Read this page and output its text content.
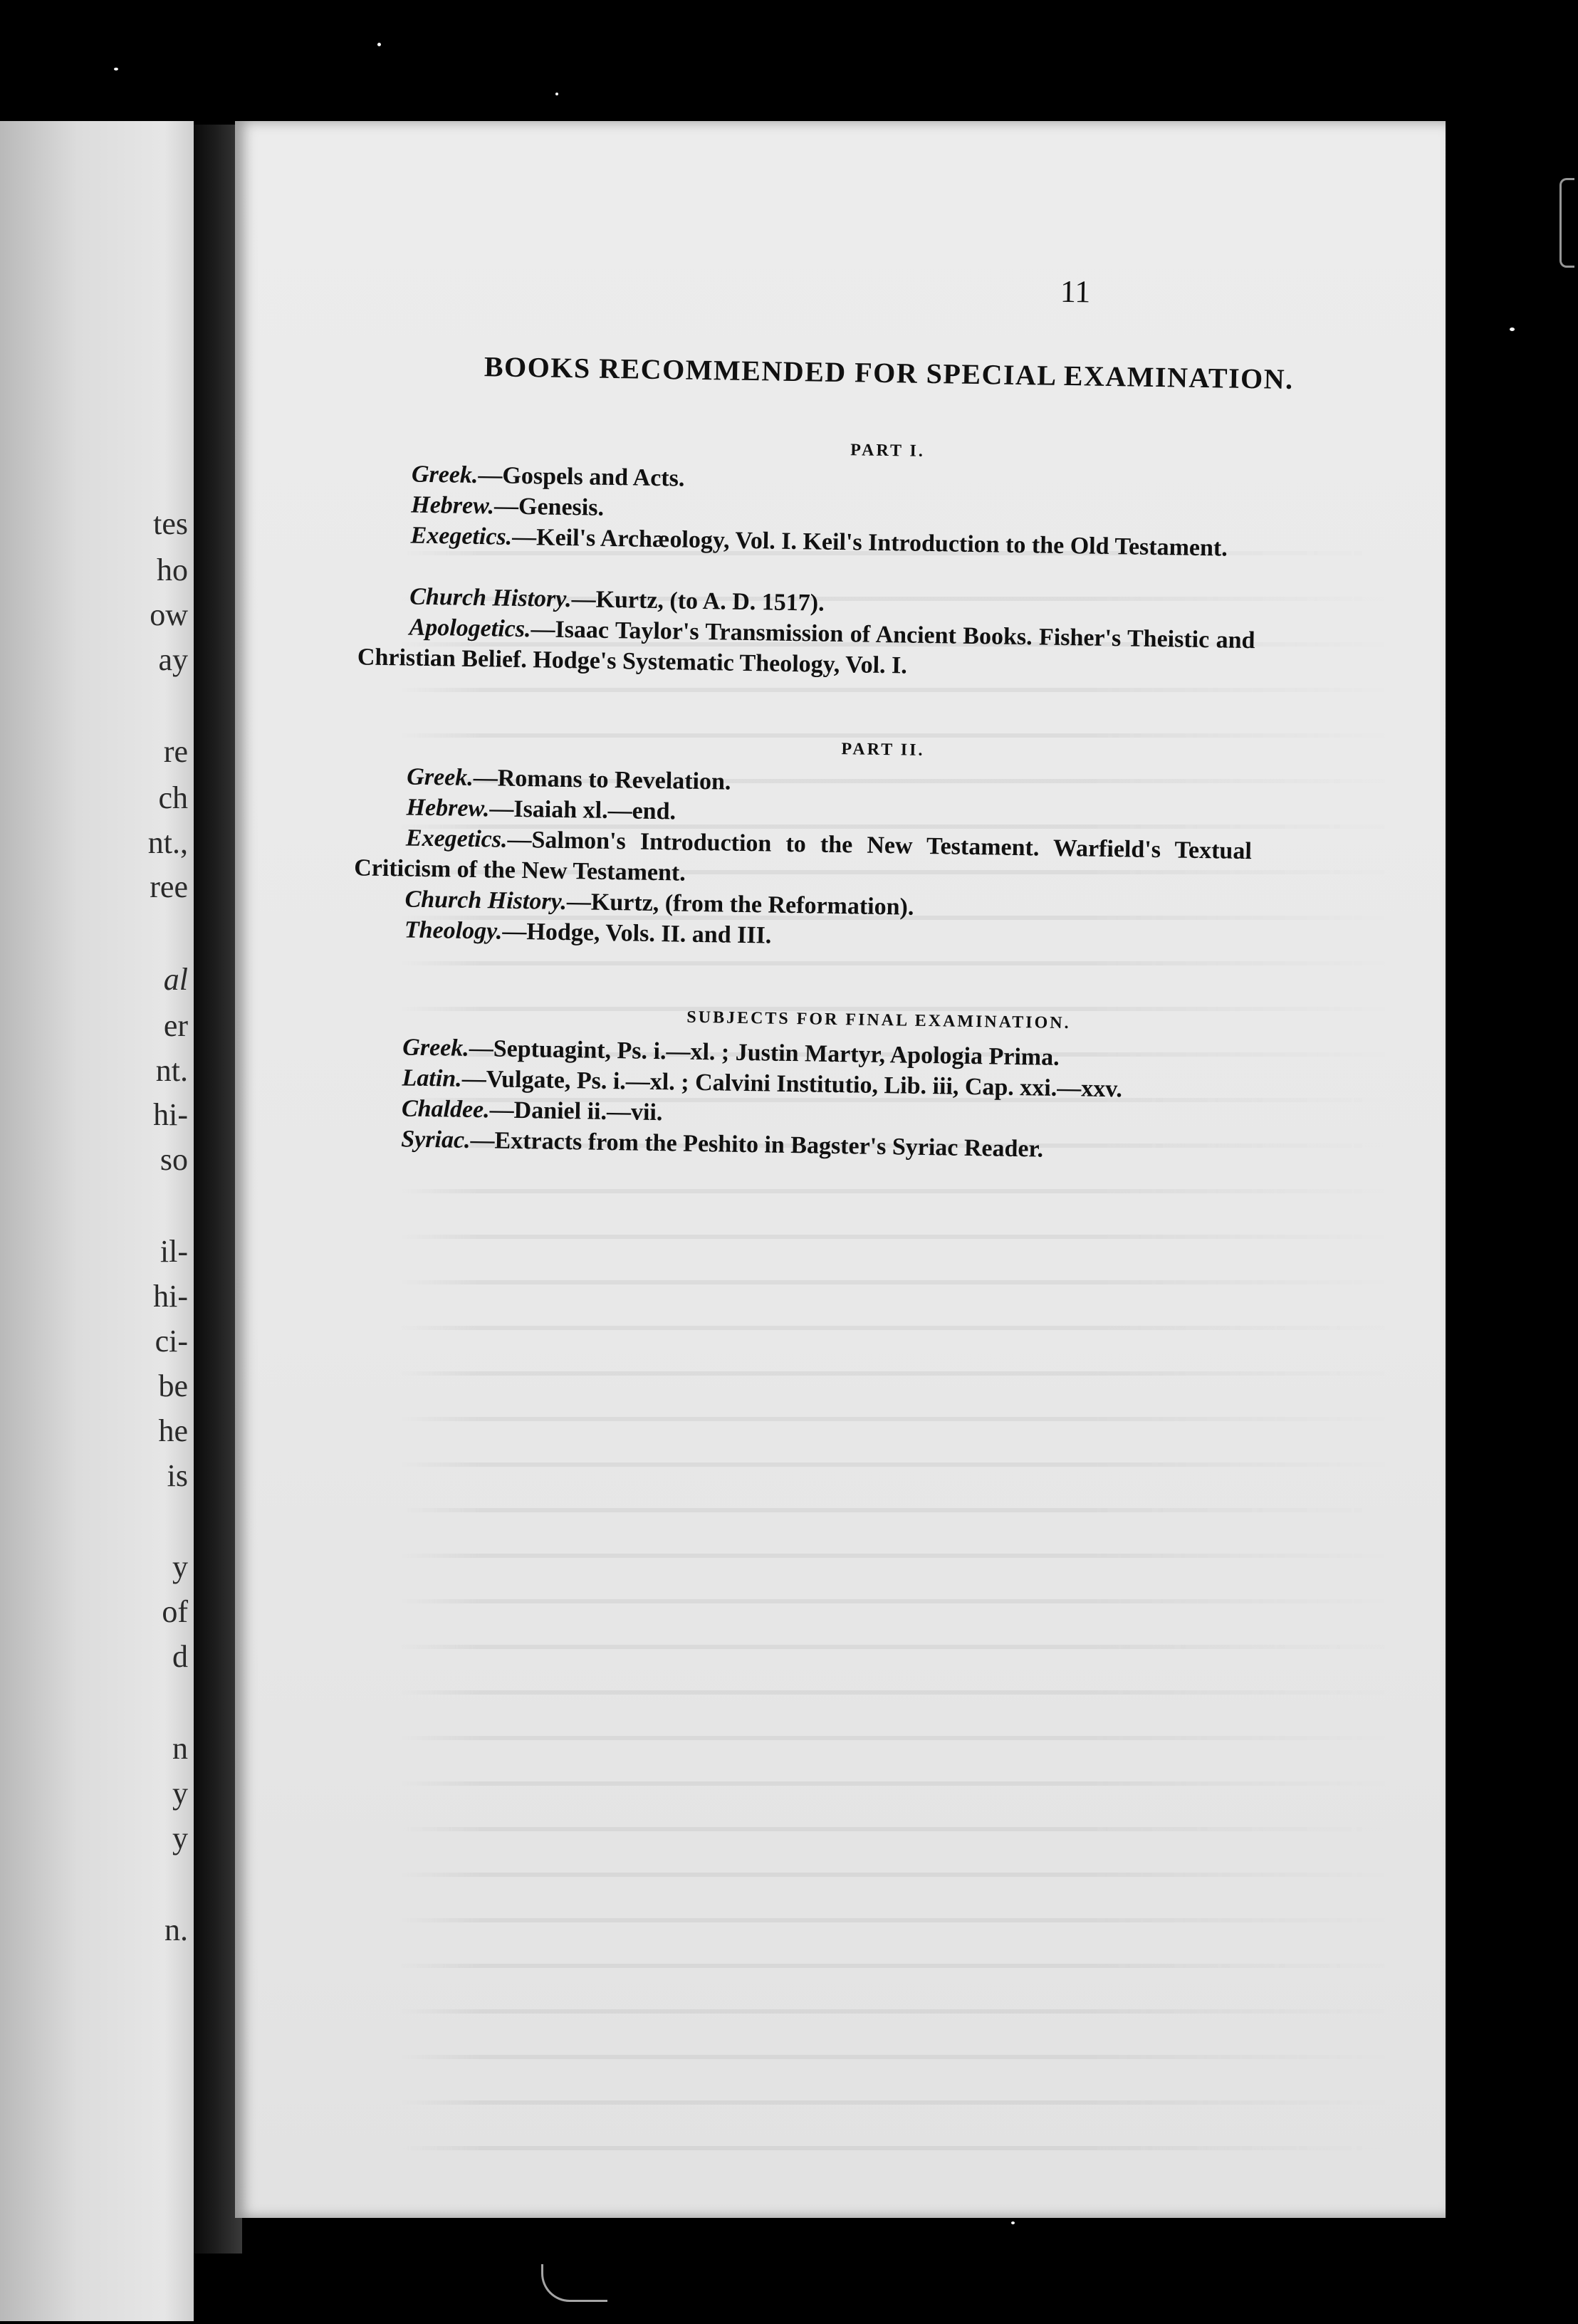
tes
ho
ow
ay
re
ch
nt.,
ree
al
er
nt.
hi-
so
il-
hi-
ci-
be
he
is
y
of
d
n
y
y
n.
11
BOOKS RECOMMENDED FOR SPECIAL EXAMINATION.
PART I.
Greek.—Gospels and Acts.
Hebrew.—Genesis.
Exegetics.—Keil's Archæology, Vol. I. Keil's Introduction to the Old Testament.
Church History.—Kurtz, (to A. D. 1517).
Apologetics.—Isaac Taylor's Transmission of Ancient Books. Fisher's Theistic and Christian Belief. Hodge's Systematic Theology, Vol. I.
PART II.
Greek.—Romans to Revelation.
Hebrew.—Isaiah xl.—end.
Exegetics.—Salmon's Introduction to the New Testament. Warfield's Textual Criticism of the New Testament.
Church History.—Kurtz, (from the Reformation).
Theology.—Hodge, Vols. II. and III.
SUBJECTS FOR FINAL EXAMINATION.
Greek.—Septuagint, Ps. i.—xl. ; Justin Martyr, Apologia Prima.
Latin.—Vulgate, Ps. i.—xl. ; Calvini Institutio, Lib. iii, Cap. xxi.—xxv.
Chaldee.—Daniel ii.—vii.
Syriac.—Extracts from the Peshito in Bagster's Syriac Reader.
